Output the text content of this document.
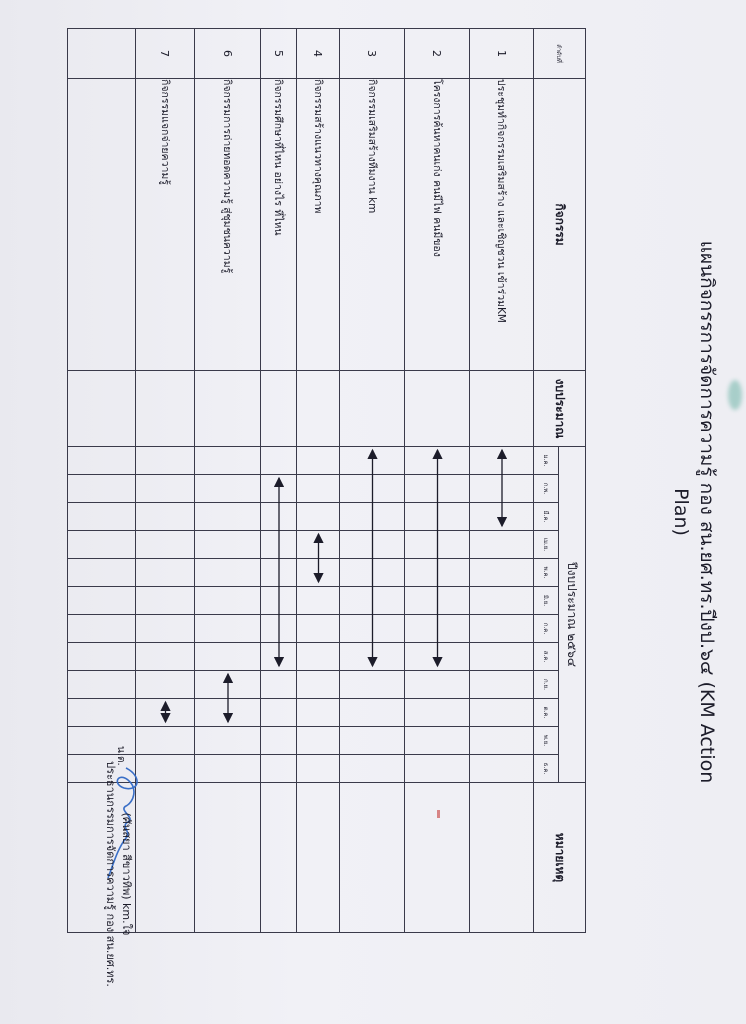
แผนกิจกรรการจัดการความรู้ กอง สน.ยศ.ทร.ปีงป.๖๔ (KM Action Plan)
ลำดับที่	กิจกรรม	งบประมาณ	ปีงบประมาณ ๒๕๖๔												หมายเหตุ
			ม.ค.	ก.พ.	มี.ค.	เม.ย.	พ.ค.	มิ.ย.	ก.ค.	ส.ค.	ก.ย.	ต.ค.	พ.ย.	ธ.ค.	
1	ประชุมทำกิจกรรมเสริมสร้าง และเชิญชวน เข้าร่วมKM														
2	โครงการค้นหาคนเก่ง คนมีไฟ คนมีของ														
3	กิจกรรมเสริมสร้างทีมงาน km														
4	กิจกรรมสร้างแนวทางคุณภาพ														
5	กิจกรรมศึกษาที่ไหน อย่างไร ที่ไหน														
6	กิจกรรมการถ่ายทอดความรู้ สู่ชุมชนความรู้														
7	กิจกรรมแจกจ่ายความรู้														

น.ต.
(ศันสยา สีขาวทิพ) km.ใจ
ประธานกรรมการจัดการความรู้ กอง สน.ยศ.ทร.
